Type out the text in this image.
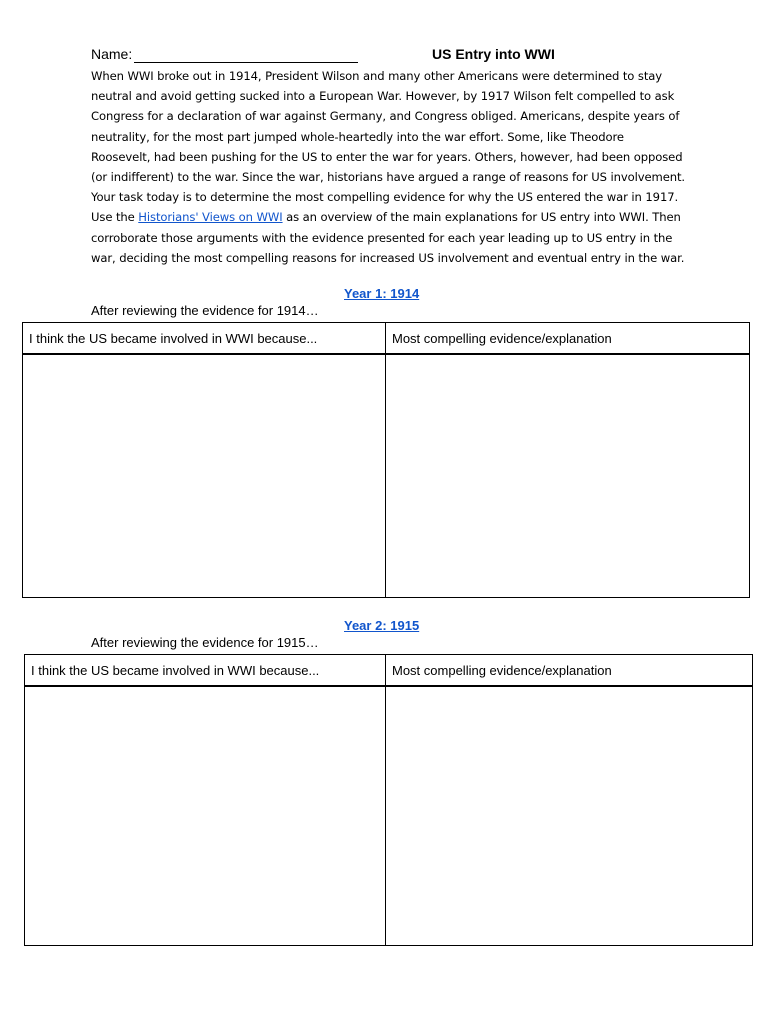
Name:	US Entry into WWI

When WWI broke out in 1914, President Wilson and many other Americans were determined to stay

neutral and avoid getting sucked into a European War. However, by 1917 Wilson felt compelled to ask

Congress for a declaration of war against Germany, and Congress obliged. Americans, despite years of

neutrality, for the most part jumped whole-heartedly into the war effort. Some, like Theodore

Roosevelt, had been pushing for the US to enter the war for years. Others, however, had been opposed

(or indifferent) to the war. Since the war, historians have argued a range of reasons for US involvement.

Your task today is to determine the most compelling evidence for why the US entered the war in 1917.

Use the Historians' Views on WWI as an overview of the main explanations for US entry into WWI. Then

corroborate those arguments with the evidence presented for each year leading up to US entry in the

war, deciding the most compelling reasons for increased US involvement and eventual entry in the war.

Year 1: 1914
After reviewing the evidence for 1914…
I think the US became involved in WWI because...	Most compelling evidence/explanation

Year 2: 1915
After reviewing the evidence for 1915…
I think the US became involved in WWI because...	Most compelling evidence/explanation
